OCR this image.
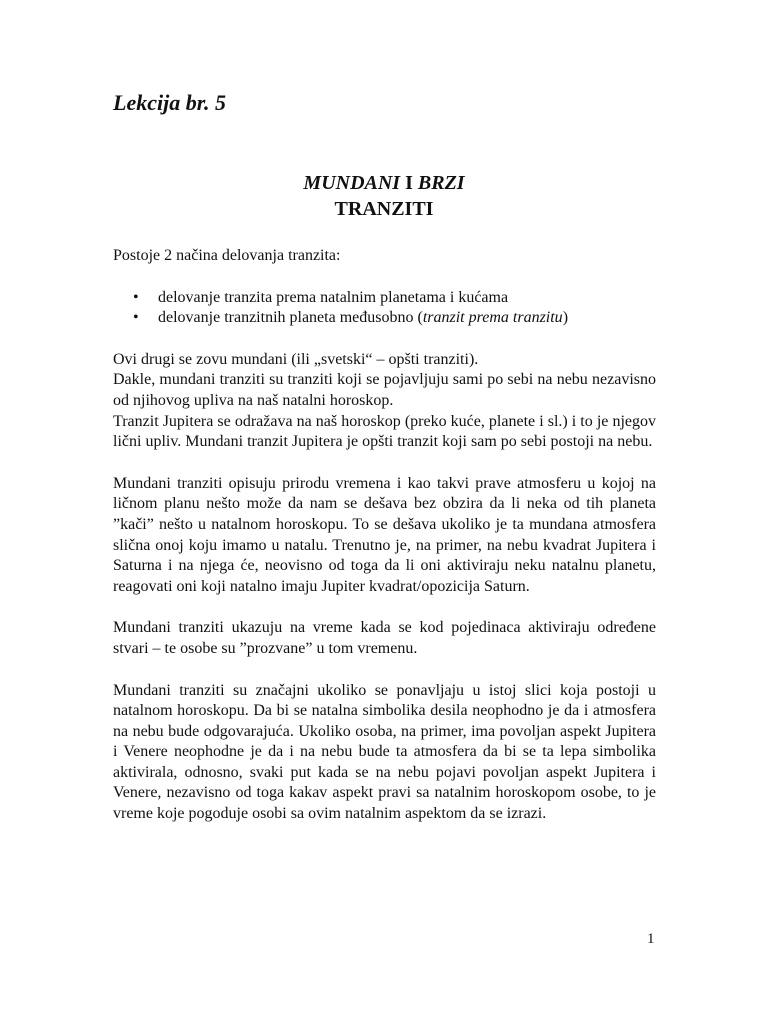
Lekcija br. 5
MUNDANI I BRZI
TRANZITI

Postoje 2 načina delovanja tranzita:

• delovanje tranzita prema natalnim planetama i kućama
• delovanje tranzitnih planeta međusobno (tranzit prema tranzitu)

Ovi drugi se zovu mundani (ili „svetski“ – opšti tranziti).

Dakle, mundani tranziti su tranziti koji se pojavljuju sami po sebi na nebu nezavisno od njihovog upliva na naš natalni horoskop.

Tranzit Jupitera se odražava na naš horoskop (preko kuće, planete i sl.) i to je njegov lični upliv. Mundani tranzit Jupitera je opšti tranzit koji sam po sebi postoji na nebu.

Mundani tranziti opisuju prirodu vremena i kao takvi prave atmosferu u kojoj na ličnom planu nešto može da nam se dešava bez obzira da li neka od tih planeta ”kači” nešto u natalnom horoskopu. To se dešava ukoliko je ta mundana atmosfera slična onoj koju imamo u natalu. Trenutno je, na primer, na nebu kvadrat Jupitera i Saturna i na njega će, neovisno od toga da li oni aktiviraju neku natalnu planetu, reagovati oni koji natalno imaju Jupiter kvadrat/opozicija Saturn.

Mundani tranziti ukazuju na vreme kada se kod pojedinaca aktiviraju određene stvari – te osobe su ”prozvane” u tom vremenu.

Mundani tranziti su značajni ukoliko se ponavljaju u istoj slici koja postoji u natalnom horoskopu. Da bi se natalna simbolika desila neophodno je da i atmosfera na nebu bude odgovarajuća. Ukoliko osoba, na primer, ima povoljan aspekt Jupitera i Venere neophodne je da i na nebu bude ta atmosfera da bi se ta lepa simbolika aktivirala, odnosno, svaki put kada se na nebu pojavi povoljan aspekt Jupitera i Venere, nezavisno od toga kakav aspekt pravi sa natalnim horoskopom osobe, to je vreme koje pogoduje osobi sa ovim natalnim aspektom da se izrazi.

1
